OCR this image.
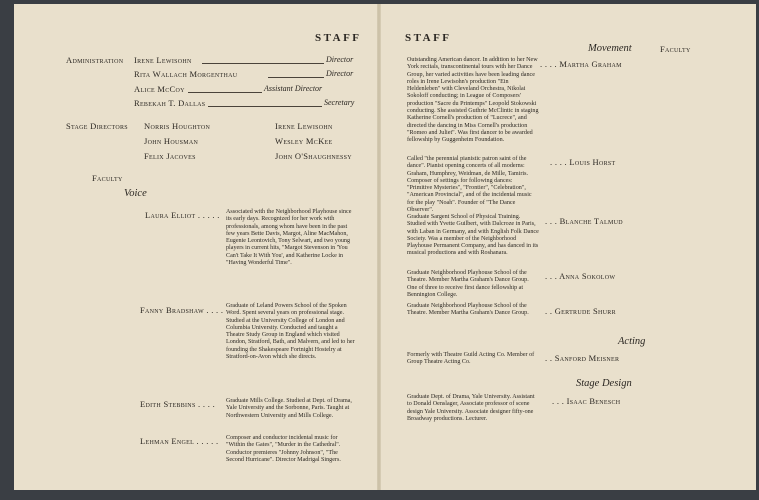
STAFF
Administration Irene Lewisohn	Director
Rita Wallach Morgenthau	Director
Alice McCoy	Assistant Director
Rebekah T. Dallas	Secretary
Stage Directors Norris Houghton	Irene Lewisohn
John Housman	Wesley McKee
Felix Jacoves	John O'Shaughnessy
Faculty
Voice
Laura Elliot . . . . . Associated with the Neighborhood Playhouse since its early days. Recognized for her work with professionals, among whom have been in the past few years Bette Davis, Margot, Aline MacMahon, Eugenie Leontovich, Tony Selwart, and two young players in current hits, "Margot Stevenson in 'You Can't Take It With You', and Katherine Locke in "Having Wonderful Time".
Fanny Bradshaw . . . . Graduate of Leland Powers School of the Spoken Word. Spent several years on professional stage. Studied at the University College of London and Columbia University. Conducted and taught a Theatre Study Group in England which visited London, Stratford, Bath, and Malvern, and led to her founding the Shakespeare Fortnight Hostelry at Stratford-on-Avon which she directs.
Edith Stebbins . . . . Graduate Mills College. Studied at Dept. of Drama, Yale University and the Sorbonne, Paris. Taught at Northwestern University and Mills College.
Lehman Engel . . . . . Composer and conductor incidental music for "Within the Gates", "Murder in the Cathedral". Conductor premieres "Johnny Johnson", "The Second Hurricane". Director Madrigal Singers.
STAFF
Faculty
Movement
Outstanding American dancer. In addition to her New York recitals, transcontinental tours with her Dance Group, her varied activities have been leading dance roles in Irene Lewisohn's production "Ein Heldenleben" with Cleveland Orchestra, Nikolai Sokoloff conducting; in League of Composers' production "Sacre du Printemps" Leopold Stokowski conducting. She assisted Guthrie McClintic in staging Katherine Cornell's production of "Lucrece", and directed the dancing in Miss Cornell's production "Romeo and Juliet". Was first dancer to be awarded fellowship by Guggenheim Foundation.
. . . . Martha Graham
Called "the perennial pianistic patron saint of the dance". Pianist opening concerts of all moderns: Graham, Humphrey, Weidman, de Mille, Tamiris. Composer of settings for following dances: "Primitive Mysteries", "Frontier", "Celebration", "American Provincial", and of the incidental music for the play "Noah". Founder of "The Dance Observer".
. . . . Louis Horst
Graduate Sargent School of Physical Training. Studied with Yvette Guilbert, with Dalcroze in Paris, with Laban in Germany, and with English Folk Dance Society. Was a member of the Neighborhood Playhouse Permanent Company, and has danced in its musical productions and with Roshanara.
. . . Blanche Talmud
Graduate Neighborhood Playhouse School of the Theatre. Member Martha Graham's Dance Group. One of three to receive first dance fellowship at Bennington College.
. . . Anna Sokolow
Graduate Neighborhood Playhouse School of the Theatre. Member Martha Graham's Dance Group.	. . Gertrude Shurr
Acting
Formerly with Theatre Guild Acting Co. Member of Group Theatre Acting Co.	. . Sanford Meisner
Stage Design
Graduate Dept. of Drama, Yale University. Assistant to Donald Oenslager, Associate professor of scene design Yale University. Associate designer fifty-one Broadway productions. Lecturer.
. . . Isaac Benesch
